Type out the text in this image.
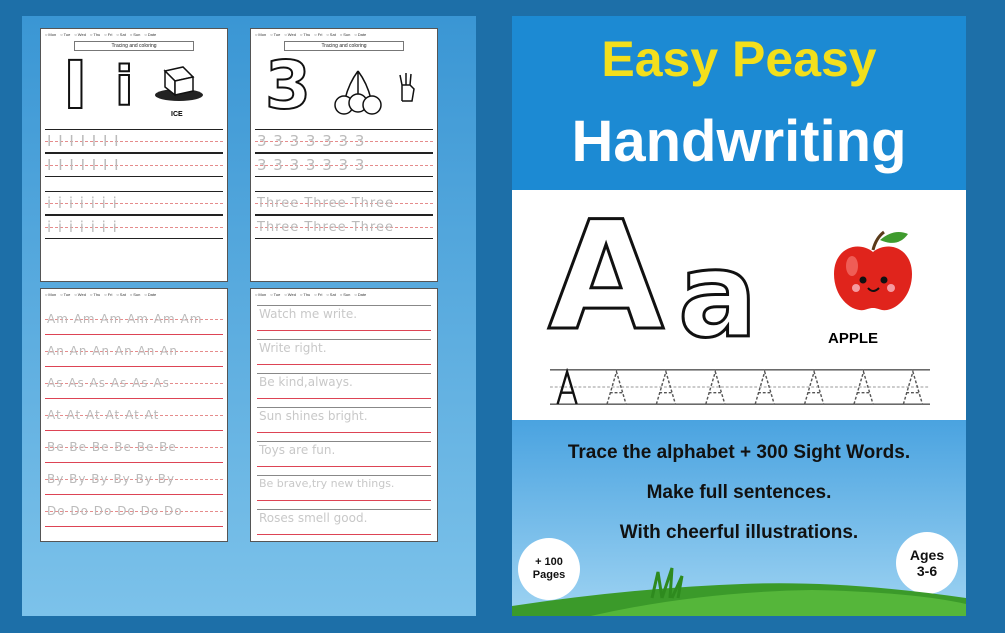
○ Mon	○ Tue	○ Wed	○ Thu	○ Fri	○ Sat	○ Sun	○ Date
Tracing and coloring
I i	ICE
I I I I I I I
I I I I I I I
i i i i i i i
i i i i i i i
○ Mon	○ Tue	○ Wed	○ Thu	○ Fri	○ Sat	○ Sun	○ Date
Tracing and coloring
3
3 3 3 3 3 3 3
3 3 3 3 3 3 3
Three Three Three
Three Three Three
○ Mon	○ Tue	○ Wed	○ Thu	○ Fri	○ Sat	○ Sun	○ Date
Am Am Am Am Am Am
An An An An An An
As As As As As As
At At At At At At
Be Be Be Be Be Be
By By By By By By
Do Do Do Do Do Do
○ Mon	○ Tue	○ Wed	○ Thu	○ Fri	○ Sat	○ Sun	○ Date
Watch me write.
Write right.
Be kind,always.
Sun shines bright.
Toys are fun.
Be brave,try new things.
Roses smell good.
Easy Peasy
Handwriting
A a	APPLE
Trace the alphabet + 300 Sight Words.
Make full sentences.
With cheerful illustrations.
+ 100
Pages
Ages
3-6
